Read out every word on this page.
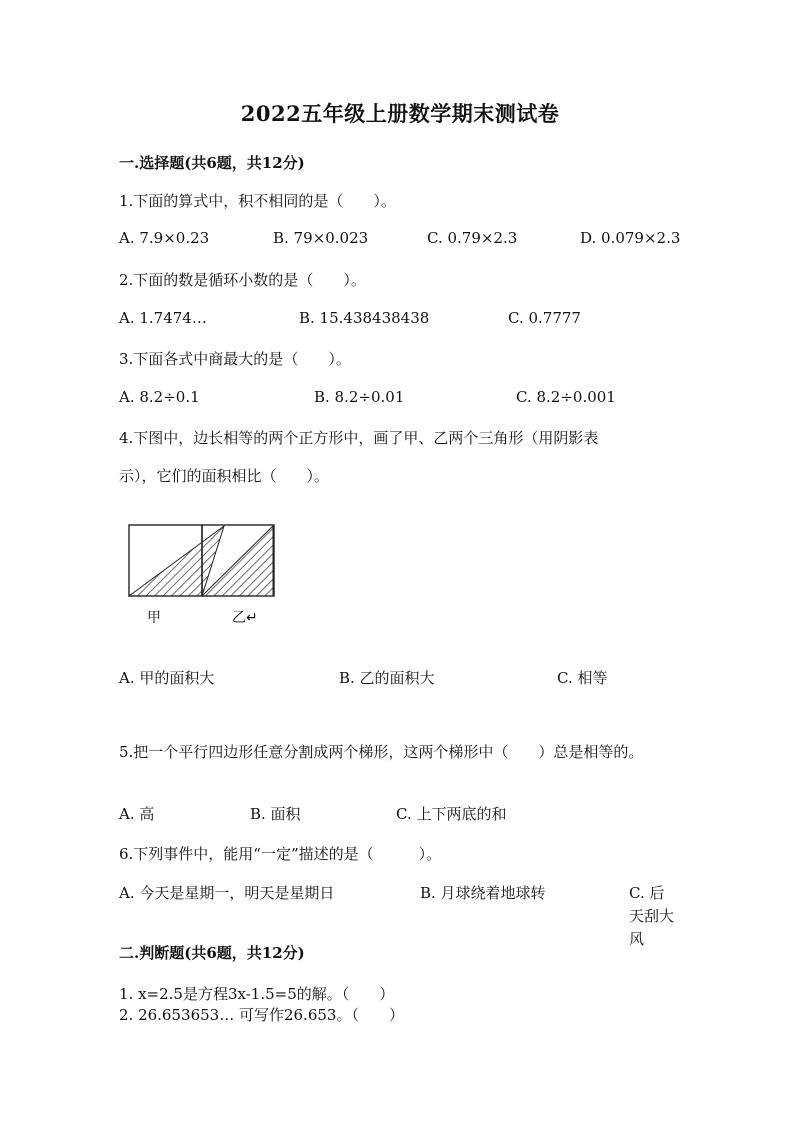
2022五年级上册数学期末测试卷
一.选择题(共6题，共12分)
1.下面的算式中，积不相同的是（　　）。
A. 7.9×0.23	B. 79×0.023	C. 0.79×2.3	D. 0.079×2.3
2.下面的数是循环小数的是（　　）。
A. 1.7474…	B. 15.438438438	C. 0.7777
3.下面各式中商最大的是（　　）。
A. 8.2÷0.1	B. 8.2÷0.01	C. 8.2÷0.001
4.下图中，边长相等的两个正方形中，画了甲、乙两个三角形（用阴影表
示），它们的面积相比（　　）。
甲	乙↵
A. 甲的面积大	B. 乙的面积大	C. 相等
5.把一个平行四边形任意分割成两个梯形，这两个梯形中（　　）总是相等的。
A. 高	B. 面积	C. 上下两底的和
6.下列事件中，能用“一定”描述的是（　　　）。
A. 今天是星期一，明天是星期日	B. 月球绕着地球转	C. 后天刮大风
二.判断题(共6题，共12分)
1. x=2.5是方程3x-1.5=5的解。（　　）
2. 26.653653… 可写作26.653。（　　）
